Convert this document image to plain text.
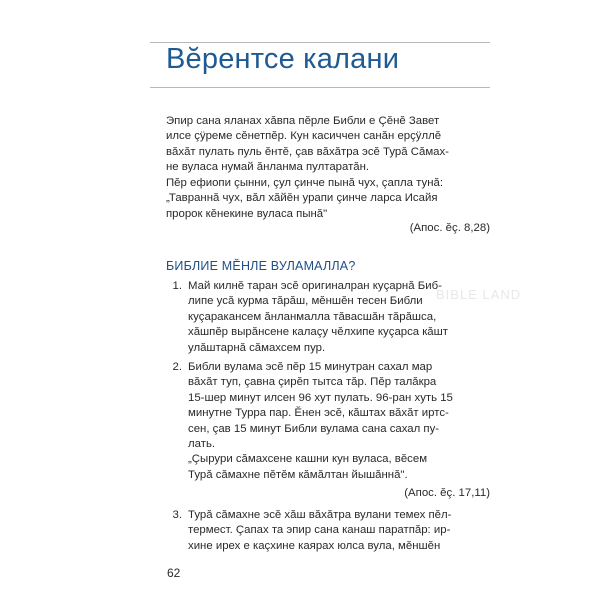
Вĕрентсе калани
Эпир сана яланах хăвпа пĕрле Библи е Çĕнĕ Завет
илсе çÿреме сĕнетпĕр. Кун касиччен санăн ерçÿллĕ
вăхăт пулать пуль ĕнтĕ, çав вăхăтра эсĕ Турă Сăмах-
не вуласа нумай ăнланма пултаратăн.
Пĕр ефиопи çынни, çул çинче пынă чух, çапла тунă:
„Тавраннă чух, вăл хăйĕн урапи çинче ларса Исайя
пророк кĕнекине вуласа пынă"
(Апос. ĕç. 8,28)
БИБЛИЕ МĔНЛЕ ВУЛАМАЛЛА?
BIBLE LAND
1. Май килнĕ таран эсĕ оригиналран куçарнă Биб-
липе усă курма тăрăш, мĕншĕн тесен Библи
куçаракансем ăнланмалла тăвасшăн тăрăшса,
хăшпĕр вырăнсене калаçу чĕлхипе куçарса кăшт
улăштарнă сăмахсем пур.
2. Библи вулама эсĕ пĕр 15 минутран сахал мар
вăхăт туп, çавна çирĕп тытса тăр. Пĕр талăкра
15-шер минут илсен 96 хут пулать. 96-ран хуть 15
минутне Турра пар. Ĕнен эсĕ, кăштах вăхăт иртс-
сен, çав 15 минут Библи вулама сана сахал пу-
лать.
„Çырури сăмахсене кашни кун вуласа, вĕсем
Турă сăмахне пĕтĕм кăмăлтан йышăннă".
(Апос. ĕç. 17,11)
3. Турă сăмахне эсĕ хăш вăхăтра вулани темех пĕл-
термест. Çапах та эпир сана канаш паратпăр: ир-
хине ирех е каçхине каярах юлса вула, мĕншĕн
62
